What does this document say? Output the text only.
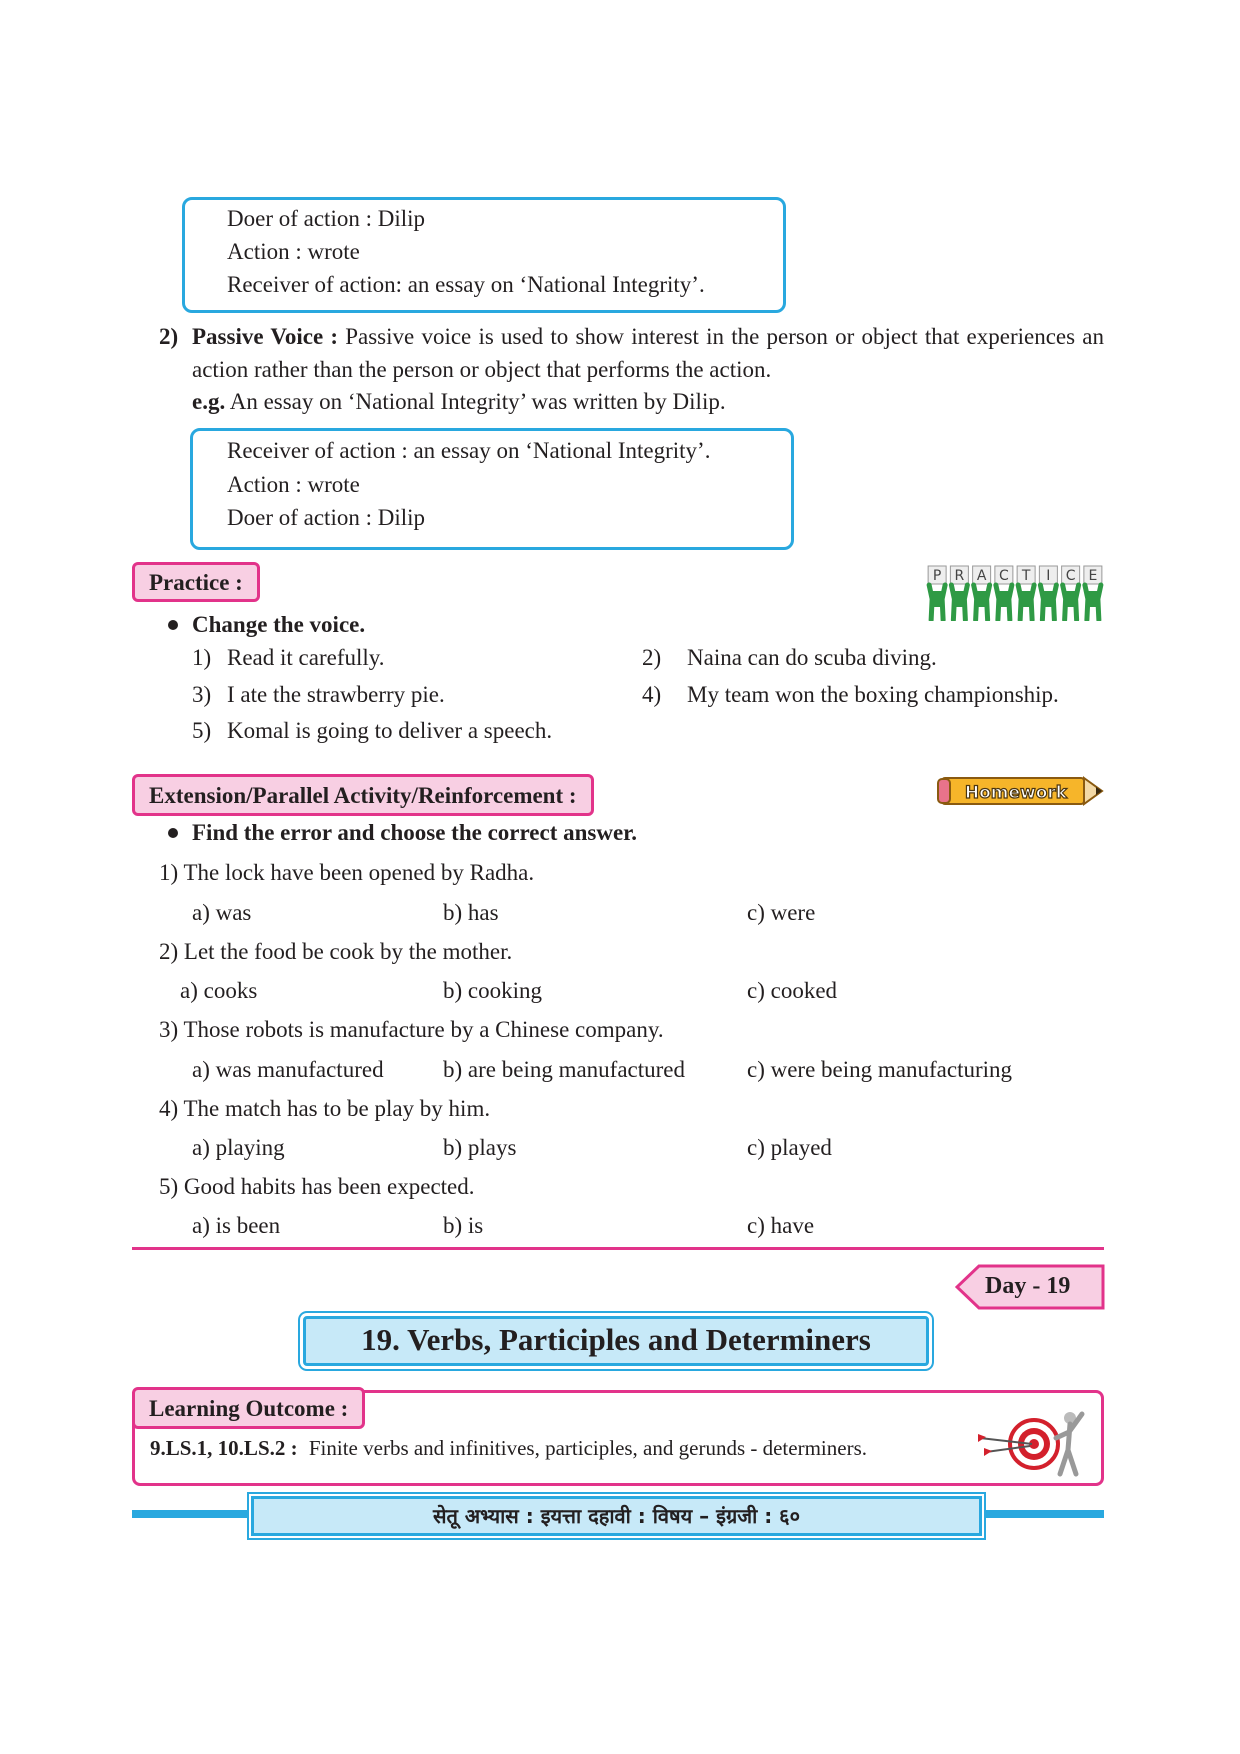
Doer of action : Dilip
Action : wrote
Receiver of action: an essay on ‘National Integrity’.
2) Passive Voice : Passive voice is used to show interest in the person or object that experiences an action rather than the person or object that performs the action.
e.g. An essay on ‘National Integrity’ was written by Dilip.
Receiver of action : an essay on ‘National Integrity’.
Action : wrote
Doer of action : Dilip
Practice :	P R A C T I C E
Change the voice.
1) Read it carefully.	2) Naina can do scuba diving.
3) I ate the strawberry pie.	4) My team won the boxing championship.
5) Komal is going to deliver a speech.
Extension/Parallel Activity/Reinforcement :	Homework
Find the error and choose the correct answer.
1) The lock have been opened by Radha.
a) was	b) has	c) were
2) Let the food be cook by the mother.
a) cooks	b) cooking	c) cooked
3) Those robots is manufacture by a Chinese company.
a) was manufactured	b) are being manufactured	c) were being manufacturing
4) The match has to be play by him.
a) playing	b) plays	c) played
5) Good habits has been expected.
a) is been	b) is	c) have
Day - 19
19. Verbs, Participles and Determiners
Learning Outcome :
9.LS.1, 10.LS.2 : Finite verbs and infinitives, participles, and gerunds - determiners.
सेतू अभ्यास : इयत्ता दहावी : विषय – इंग्रजी : ६०
